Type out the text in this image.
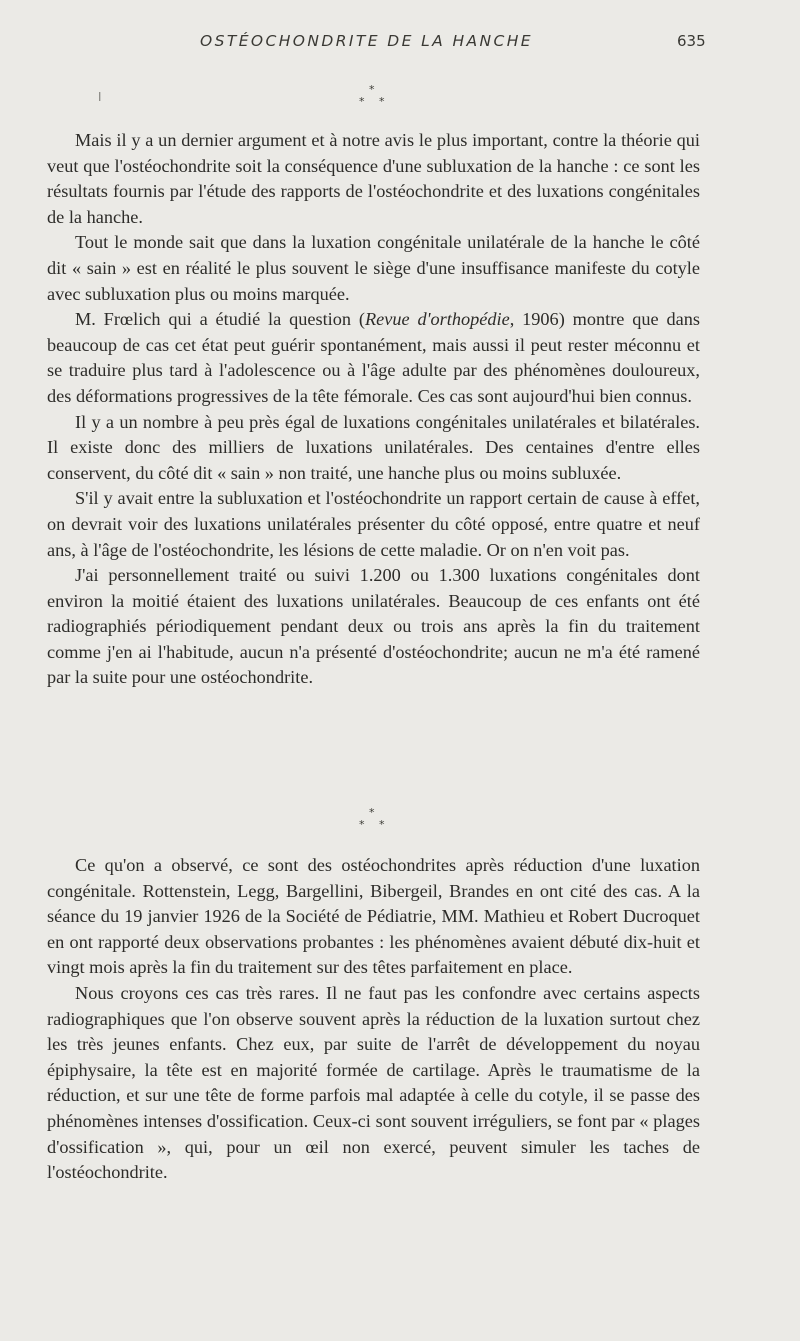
OSTÉOCHONDRITE DE LA HANCHE	635
ǀ
*
* *

Mais il y a un dernier argument et à notre avis le plus important, contre la théorie qui veut que l'ostéochondrite soit la conséquence d'une subluxation de la hanche : ce sont les résultats fournis par l'étude des rapports de l'ostéochondrite et des luxations congénitales de la hanche.

Tout le monde sait que dans la luxation congénitale unilatérale de la hanche le côté dit « sain » est en réalité le plus souvent le siège d'une insuffisance manifeste du cotyle avec subluxation plus ou moins marquée.

M. Frœlich qui a étudié la question (Revue d'orthopédie, 1906) montre que dans beaucoup de cas cet état peut guérir spontanément, mais aussi il peut rester méconnu et se traduire plus tard à l'adolescence ou à l'âge adulte par des phénomènes douloureux, des déformations progressives de la tête fémorale. Ces cas sont aujourd'hui bien connus.

Il y a un nombre à peu près égal de luxations congénitales unilatérales et bilatérales. Il existe donc des milliers de luxations unilatérales. Des centaines d'entre elles conservent, du côté dit « sain » non traité, une hanche plus ou moins subluxée.

S'il y avait entre la subluxation et l'ostéochondrite un rapport certain de cause à effet, on devrait voir des luxations unilatérales présenter du côté opposé, entre quatre et neuf ans, à l'âge de l'ostéochondrite, les lésions de cette maladie. Or on n'en voit pas.

J'ai personnellement traité ou suivi 1.200 ou 1.300 luxations congénitales dont environ la moitié étaient des luxations unilatérales. Beaucoup de ces enfants ont été radiographiés périodiquement pendant deux ou trois ans après la fin du traitement comme j'en ai l'habitude, aucun n'a présenté d'ostéochondrite; aucun ne m'a été ramené par la suite pour une ostéochondrite.

*
* *

Ce qu'on a observé, ce sont des ostéochondrites après réduction d'une luxation congénitale. Rottenstein, Legg, Bargellini, Bibergeil, Brandes en ont cité des cas. A la séance du 19 janvier 1926 de la Société de Pédiatrie, MM. Mathieu et Robert Ducroquet en ont rapporté deux observations probantes : les phénomènes avaient débuté dix-huit et vingt mois après la fin du traitement sur des têtes parfaitement en place.

Nous croyons ces cas très rares. Il ne faut pas les confondre avec certains aspects radiographiques que l'on observe souvent après la réduction de la luxation surtout chez les très jeunes enfants. Chez eux, par suite de l'arrêt de développement du noyau épiphysaire, la tête est en majorité formée de cartilage. Après le traumatisme de la réduction, et sur une tête de forme parfois mal adaptée à celle du cotyle, il se passe des phénomènes intenses d'ossification. Ceux-ci sont souvent irréguliers, se font par « plages d'ossification », qui, pour un œil non exercé, peuvent simuler les taches de l'ostéochondrite.
